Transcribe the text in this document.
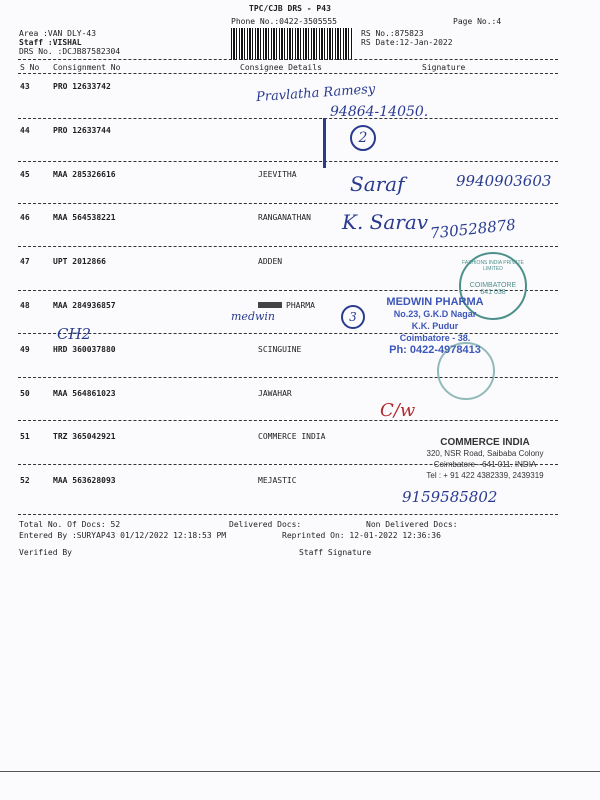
TPC/CJB DRS - P43
Phone No.:0422-3505555	Page No.:4
Area :VAN DLY-43
Staff :VISHAL
DRS No. :DCJB87582304
RS No.:875823
RS Date:12-Jan-2022
S No Consignment No	Consignee Details	Signature
43	PRO 12633742
44	PRO 12633744
45	MAA 285326616	JEEVITHA
46	MAA 564538221	RANGANATHAN
47	UPT 2012866	ADDEN
48	MAA 284936857	PHARMA
49	HRD 360037880	SCINGUINE
50	MAA 564861023	JAWAHAR
51	TRZ 365042921	COMMERCE INDIA
52	MAA 563628093	MEJASTIC
Pravlatha Ramesy
94864-14050.
2
Saraf	9940903603
K. Sarav 730528878
medwin	3
CH2
C/w
9159585802
FASHIONS INDIA PRIVATE LIMITED
COIMBATORE
641 038
MEDWIN PHARMA
No.23, G.K.D Nagar
K.K. Pudur
Coimbatore - 38.
Ph: 0422-4978413
COMMERCE INDIA
320, NSR Road, Saibaba Colony
Coimbatore - 641 011. INDIA
Tel : + 91 422 4382339, 2439319
Total No. Of Docs: 52	Delivered Docs:	Non Delivered Docs:
Entered By :SURYAP43 01/12/2022 12:18:53 PM	Reprinted On: 12-01-2022 12:36:36
Verified By	Staff Signature
